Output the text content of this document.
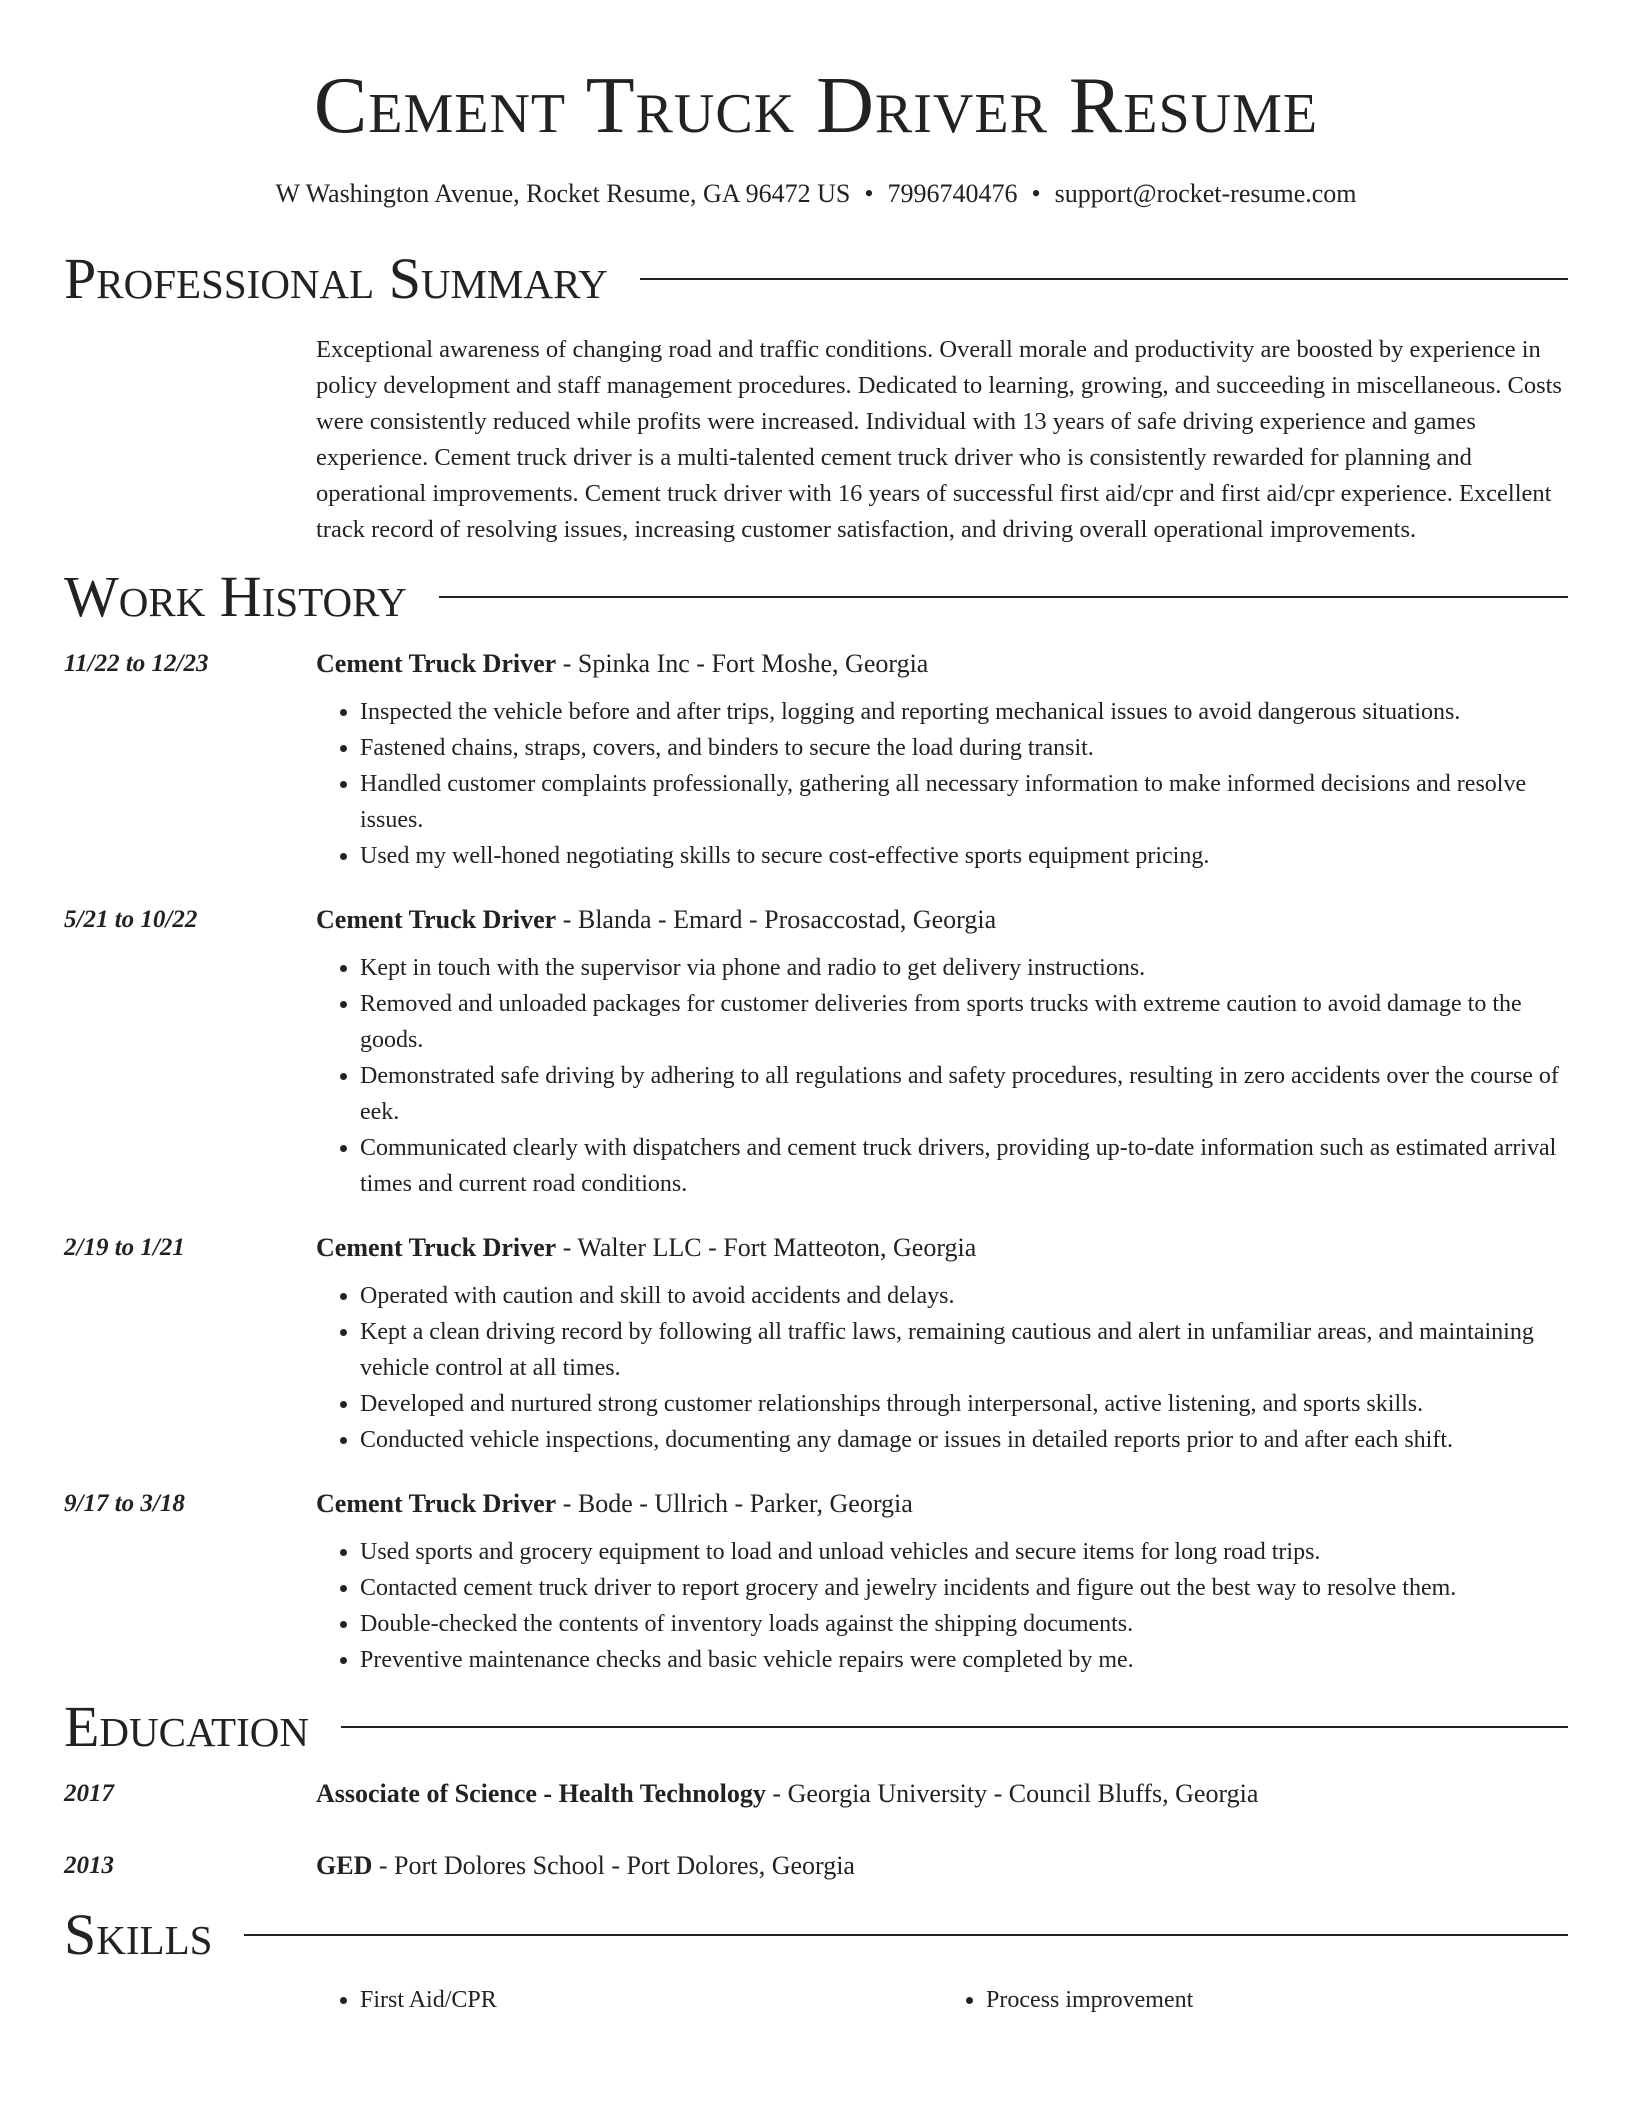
Cement Truck Driver Resume
W Washington Avenue, Rocket Resume, GA 96472 US • 7996740476 • support@rocket-resume.com
Professional Summary
Exceptional awareness of changing road and traffic conditions. Overall morale and productivity are boosted by experience in policy development and staff management procedures. Dedicated to learning, growing, and succeeding in miscellaneous. Costs were consistently reduced while profits were increased. Individual with 13 years of safe driving experience and games experience. Cement truck driver is a multi-talented cement truck driver who is consistently rewarded for planning and operational improvements. Cement truck driver with 16 years of successful first aid/cpr and first aid/cpr experience. Excellent track record of resolving issues, increasing customer satisfaction, and driving overall operational improvements.
Work History
11/22 to 12/23	Cement Truck Driver - Spinka Inc - Fort Moshe, Georgia
• Inspected the vehicle before and after trips, logging and reporting mechanical issues to avoid dangerous situations.
• Fastened chains, straps, covers, and binders to secure the load during transit.
• Handled customer complaints professionally, gathering all necessary information to make informed decisions and resolve issues.
• Used my well-honed negotiating skills to secure cost-effective sports equipment pricing.
5/21 to 10/22	Cement Truck Driver - Blanda - Emard - Prosaccostad, Georgia
• Kept in touch with the supervisor via phone and radio to get delivery instructions.
• Removed and unloaded packages for customer deliveries from sports trucks with extreme caution to avoid damage to the goods.
• Demonstrated safe driving by adhering to all regulations and safety procedures, resulting in zero accidents over the course of eek.
• Communicated clearly with dispatchers and cement truck drivers, providing up-to-date information such as estimated arrival times and current road conditions.
2/19 to 1/21	Cement Truck Driver - Walter LLC - Fort Matteoton, Georgia
• Operated with caution and skill to avoid accidents and delays.
• Kept a clean driving record by following all traffic laws, remaining cautious and alert in unfamiliar areas, and maintaining vehicle control at all times.
• Developed and nurtured strong customer relationships through interpersonal, active listening, and sports skills.
• Conducted vehicle inspections, documenting any damage or issues in detailed reports prior to and after each shift.
9/17 to 3/18	Cement Truck Driver - Bode - Ullrich - Parker, Georgia
• Used sports and grocery equipment to load and unload vehicles and secure items for long road trips.
• Contacted cement truck driver to report grocery and jewelry incidents and figure out the best way to resolve them.
• Double-checked the contents of inventory loads against the shipping documents.
• Preventive maintenance checks and basic vehicle repairs were completed by me.
Education
2017	Associate of Science - Health Technology - Georgia University - Council Bluffs, Georgia
2013	GED - Port Dolores School - Port Dolores, Georgia
Skills
• First Aid/CPR
•	Process improvement
